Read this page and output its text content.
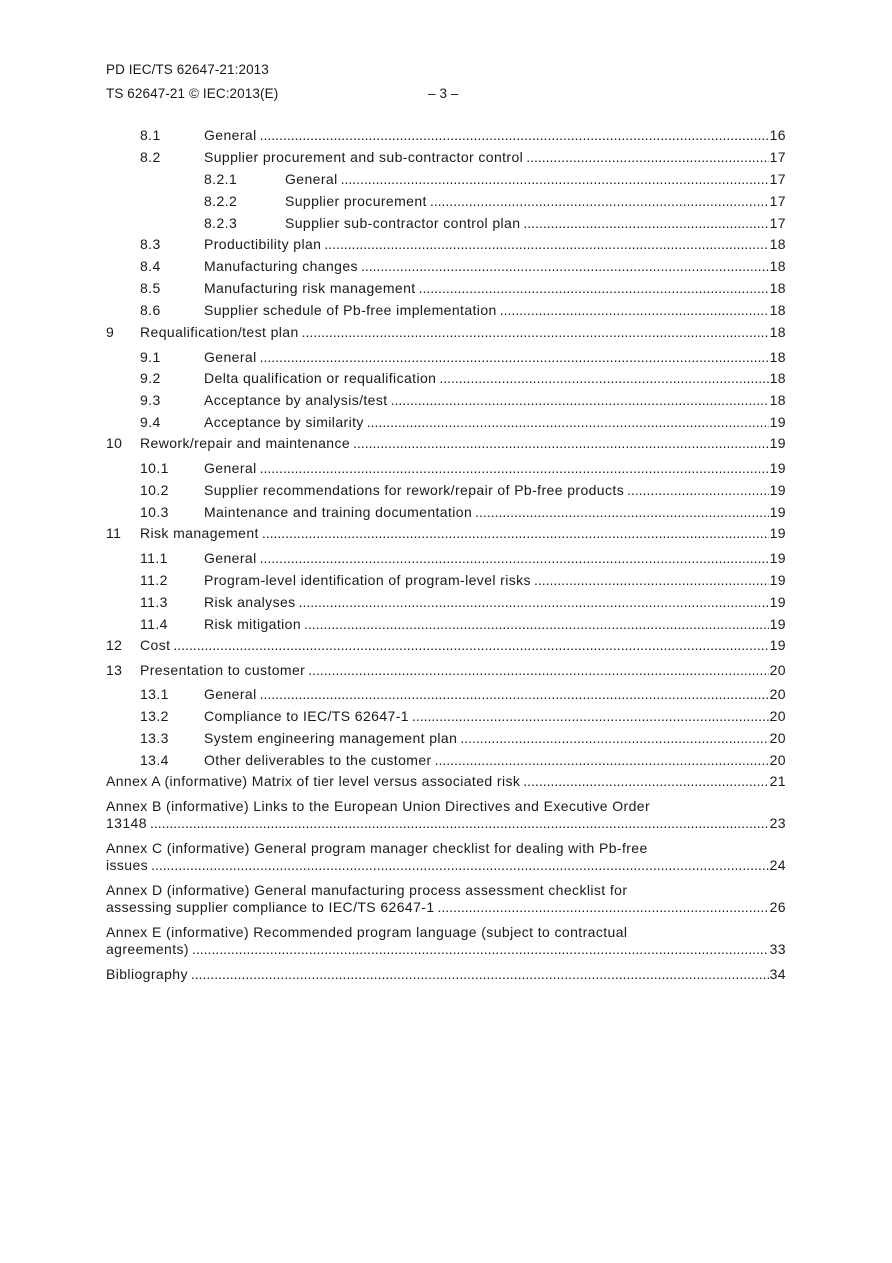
PD IEC/TS 62647-21:2013
TS 62647-21 © IEC:2013(E)	– 3 –
8.1	General .....	16
8.2	Supplier procurement and sub-contractor control .....	17
8.2.1	General .....	17
8.2.2	Supplier procurement .....	17
8.2.3	Supplier sub-contractor control plan .....	17
8.3	Productibility plan .....	18
8.4	Manufacturing changes .....	18
8.5	Manufacturing risk management .....	18
8.6	Supplier schedule of Pb-free implementation .....	18
9 Requalification/test plan .....	18
9.1	General .....	18
9.2	Delta qualification or requalification .....	18
9.3	Acceptance by analysis/test .....	18
9.4	Acceptance by similarity .....	19
10 Rework/repair and maintenance .....	19
10.1	General .....	19
10.2	Supplier recommendations for rework/repair of Pb-free products .....	19
10.3	Maintenance and training documentation .....	19
11 Risk management .....	19
11.1	General .....	19
11.2	Program-level identification of program-level risks .....	19
11.3	Risk analyses .....	19
11.4	Risk mitigation .....	19
12 Cost .....	19
13 Presentation to customer .....	20
13.1	General .....	20
13.2	Compliance to IEC/TS 62647-1 .....	20
13.3	System engineering management plan .....	20
13.4	Other deliverables to the customer .....	20
Annex A (informative) Matrix of tier level versus associated risk .....	21
Annex B (informative) Links to the European Union Directives and Executive Order
13148 .....	23
Annex C (informative) General program manager checklist for dealing with Pb-free
issues .....	24
Annex D (informative) General manufacturing process assessment checklist for
assessing supplier compliance to IEC/TS 62647-1 .....	26
Annex E (informative) Recommended program language (subject to contractual
agreements) .....	33
Bibliography .....	34
